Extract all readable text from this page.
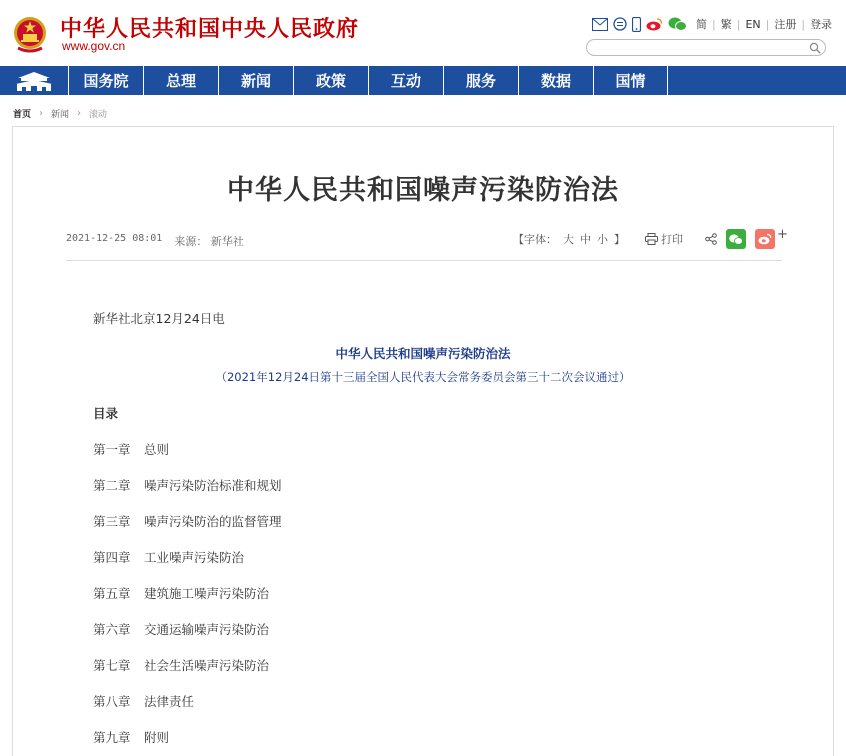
中华人民共和国中央人民政府
www.gov.cn
简 | 繁 | EN | 注册 | 登录
国务院	总理	新闻	政策	互动	服务	数据	国情
首页 › 新闻 › 滚动
中华人民共和国噪声污染防治法
2021-12-25 08:01 来源： 新华社	【字体： 大 中 小 】	打印	+
新华社北京12月24日电
中华人民共和国噪声污染防治法
（2021年12月24日第十三届全国人民代表大会常务委员会第三十二次会议通过）
目录
第一章	总则
第二章	噪声污染防治标准和规划
第三章	噪声污染防治的监督管理
第四章	工业噪声污染防治
第五章	建筑施工噪声污染防治
第六章	交通运输噪声污染防治
第七章	社会生活噪声污染防治
第八章	法律责任
第九章	附则
